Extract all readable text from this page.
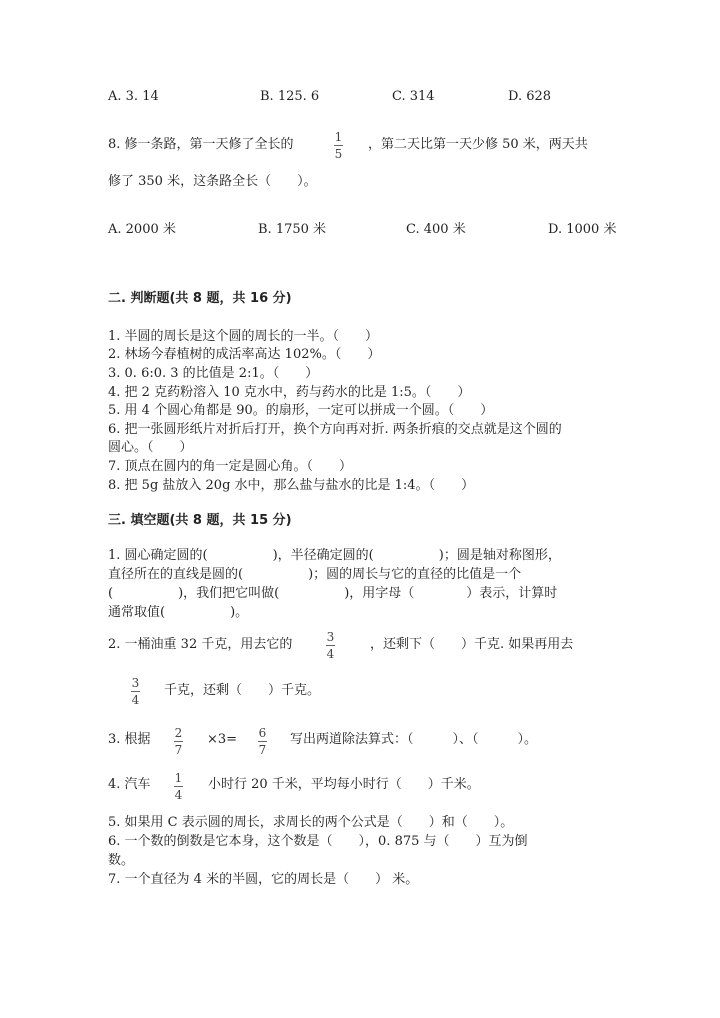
A. 3. 14	B. 125. 6	C. 314	D. 628
8. 修一条路，第一天修了全长的	1
5
，第二天比第一天少修 50 米，两天共
修了 350 米，这条路全长（　　）。
A. 2000 米	B. 1750 米	C. 400 米	D. 1000 米
二. 判断题(共 8 题，共 16 分)
1. 半圆的周长是这个圆的周长的一半。（　　）
2. 林场今春植树的成活率高达 102%。（　　）
3. 0. 6:0. 3 的比值是 2:1。（　　）
4. 把 2 克药粉溶入 10 克水中，药与药水的比是 1:5。（　　）
5. 用 4 个圆心角都是 90。的扇形，一定可以拼成一个圆。（　　）
6. 把一张圆形纸片对折后打开，换个方向再对折. 两条折痕的交点就是这个圆的
圆心。（　　）
7. 顶点在圆内的角一定是圆心角。（　　）
8. 把 5g 盐放入 20g 水中，那么盐与盐水的比是 1:4。（　　）
三. 填空题(共 8 题，共 15 分)
1. 圆心确定圆的(　　　　　)，半径确定圆的(　　　　　)；圆是轴对称图形，
直径所在的直线是圆的(　　　　　)；圆的周长与它的直径的比值是一个
(　　　　　)，我们把它叫做(　　　　　)，用字母（　　　　）表示，计算时
通常取值(　　　　　)。
2. 一桶油重 32 千克，用去它的	3
4
，还剩下（　　）千克. 如果再用去
3
4
千克，还剩（　　）千克。
3. 根据 2
7
×3= 6
7
写出两道除法算式：（　　　）、（　　　）。
4. 汽车 1
4
小时行 20 千米，平均每小时行（　　）千米。
5. 如果用 C 表示圆的周长，求周长的两个公式是（　　）和（　　）。
6. 一个数的倒数是它本身，这个数是（　　），0. 875 与（　　）互为倒
数。
7. 一个直径为 4 米的半圆，它的周长是（　　） 米。
